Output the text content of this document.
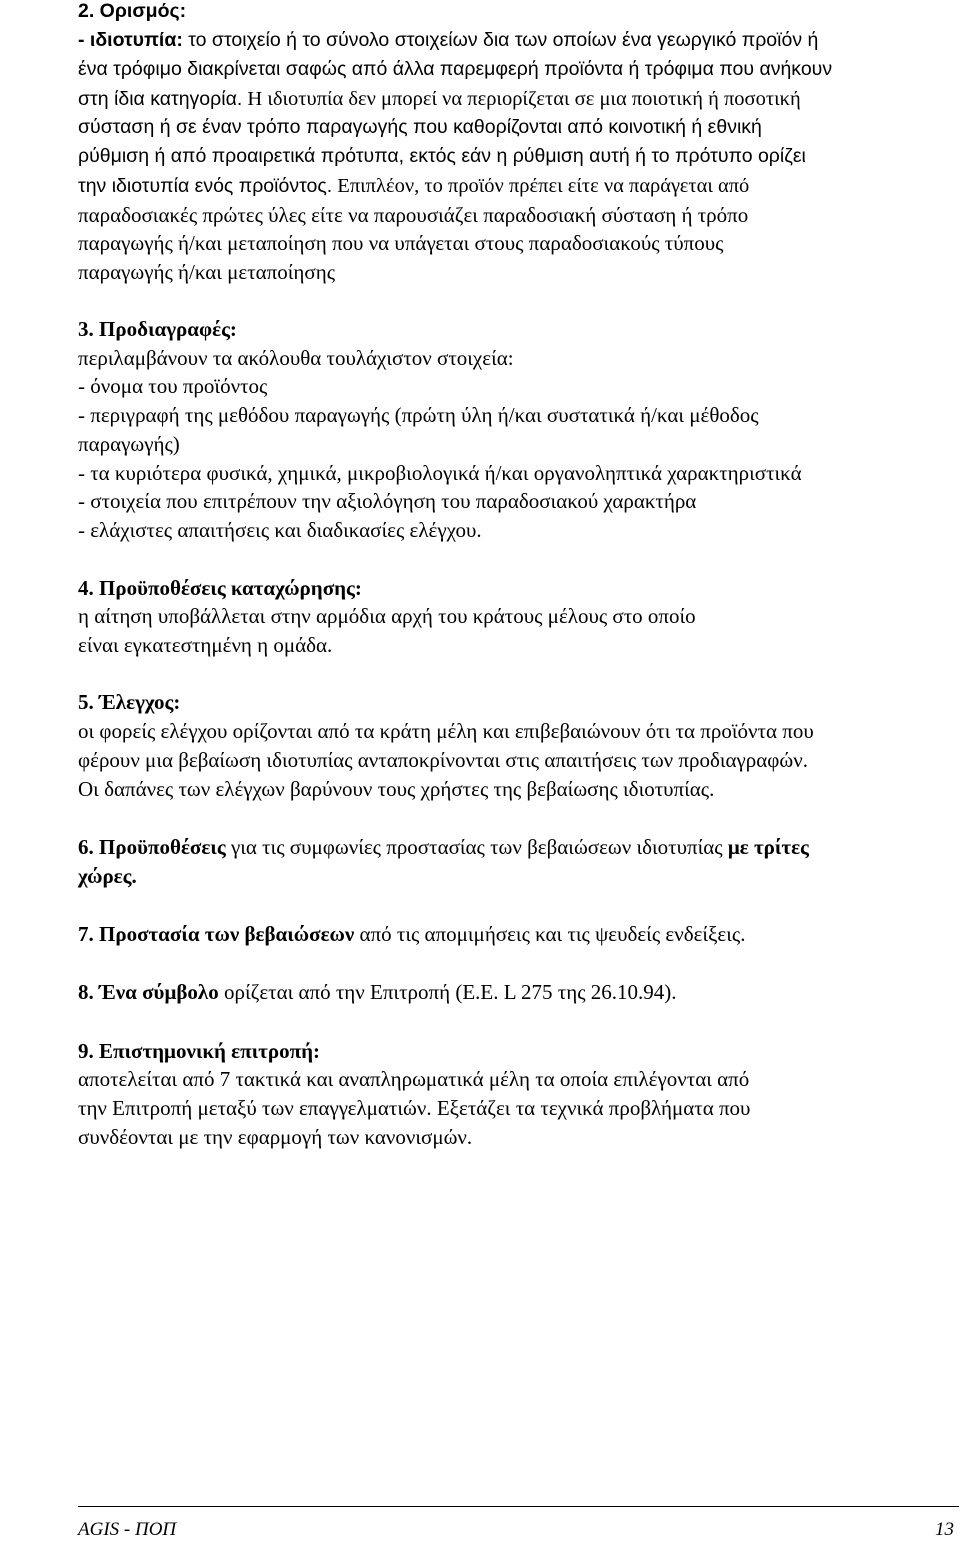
2. Ορισμός:
- ιδιοτυπία: το στοιχείο ή το σύνολο στοιχείων δια των οποίων ένα γεωργικό προϊόν ή
ένα τρόφιμο διακρίνεται σαφώς από άλλα παρεμφερή προϊόντα ή τρόφιμα που ανήκουν
στη ίδια κατηγορία. Η ιδιοτυπία δεν μπορεί να περιορίζεται σε μια ποιοτική ή ποσοτική
σύσταση ή σε έναν τρόπο παραγωγής που καθορίζονται από κοινοτική ή εθνική
ρύθμιση ή από προαιρετικά πρότυπα, εκτός εάν η ρύθμιση αυτή ή το πρότυπο ορίζει
την ιδιοτυπία ενός προϊόντος. Επιπλέον, το προϊόν πρέπει είτε να παράγεται από
παραδοσιακές πρώτες ύλες είτε να παρουσιάζει παραδοσιακή σύσταση ή τρόπο
παραγωγής ή/και μεταποίηση που να υπάγεται στους παραδοσιακούς τύπους
παραγωγής ή/και μεταποίησης
3. Προδιαγραφές:
περιλαμβάνουν τα ακόλουθα τουλάχιστον στοιχεία:
- όνομα του προϊόντος
- περιγραφή της μεθόδου παραγωγής (πρώτη ύλη ή/και συστατικά ή/και μέθοδος
παραγωγής)
- τα κυριότερα φυσικά, χημικά, μικροβιολογικά ή/και οργανοληπτικά χαρακτηριστικά
- στοιχεία που επιτρέπουν την αξιολόγηση του παραδοσιακού χαρακτήρα
- ελάχιστες απαιτήσεις και διαδικασίες ελέγχου.
4. Προϋποθέσεις καταχώρησης:
η αίτηση υποβάλλεται στην αρμόδια αρχή του κράτους μέλους στο οποίο
είναι εγκατεστημένη η ομάδα.
5. Έλεγχος:
οι φορείς ελέγχου ορίζονται από τα κράτη μέλη και επιβεβαιώνουν ότι τα προϊόντα που
φέρουν μια βεβαίωση ιδιοτυπίας ανταποκρίνονται στις απαιτήσεις των προδιαγραφών.
Οι δαπάνες των ελέγχων βαρύνουν τους χρήστες της βεβαίωσης ιδιοτυπίας.
6. Προϋποθέσεις για τις συμφωνίες προστασίας των βεβαιώσεων ιδιοτυπίας με τρίτες
χώρες.
7. Προστασία των βεβαιώσεων από τις απομιμήσεις και τις ψευδείς ενδείξεις.
8. Ένα σύμβολο ορίζεται από την Επιτροπή (Ε.Ε. L 275 της 26.10.94).
9. Επιστημονική επιτροπή:
αποτελείται από 7 τακτικά και αναπληρωματικά μέλη τα οποία επιλέγονται από
την Επιτροπή μεταξύ των επαγγελματιών. Εξετάζει τα τεχνικά προβλήματα που
συνδέονται με την εφαρμογή των κανονισμών.
AGIS - ΠΟΠ	13
